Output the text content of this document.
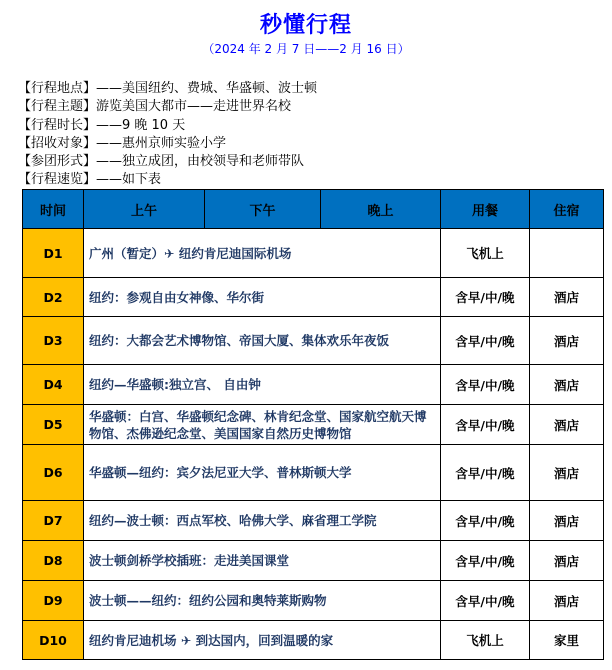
秒懂行程
（2024 年 2 月 7 日——2 月 16 日）
【行程地点】——美国纽约、费城、华盛顿、波士顿
【行程主题】游览美国大都市——走进世界名校
【行程时长】——9 晚 10 天
【招收对象】——惠州京师实验小学
【参团形式】——独立成团，由校领导和老师带队
【行程速览】——如下表
时间	上午	下午	晚上	用餐	住宿
D1	广州（暂定）✈ 纽约肯尼迪国际机场			飞机上	
D2	纽约：参观自由女神像、华尔街			含早/中/晚	酒店
D3	纽约：大都会艺术博物馆、帝国大厦、集体欢乐年夜饭			含早/中/晚	酒店
D4	纽约—华盛顿:独立宫、 自由钟			含早/中/晚	酒店
D5	华盛顿：白宫、华盛顿纪念碑、林肯纪念堂、国家航空航天博物馆、杰佛逊纪念堂、美国国家自然历史博物馆			含早/中/晚	酒店
D6	华盛顿—纽约：宾夕法尼亚大学、普林斯顿大学			含早/中/晚	酒店
D7	纽约—波士顿：西点军校、哈佛大学、麻省理工学院			含早/中/晚	酒店
D8	波士顿剑桥学校插班：走进美国课堂			含早/中/晚	酒店
D9	波士顿——纽约：纽约公园和奥特莱斯购物			含早/中/晚	酒店
D10	纽约肯尼迪机场 ✈ 到达国内，回到温暖的家			飞机上	家里
